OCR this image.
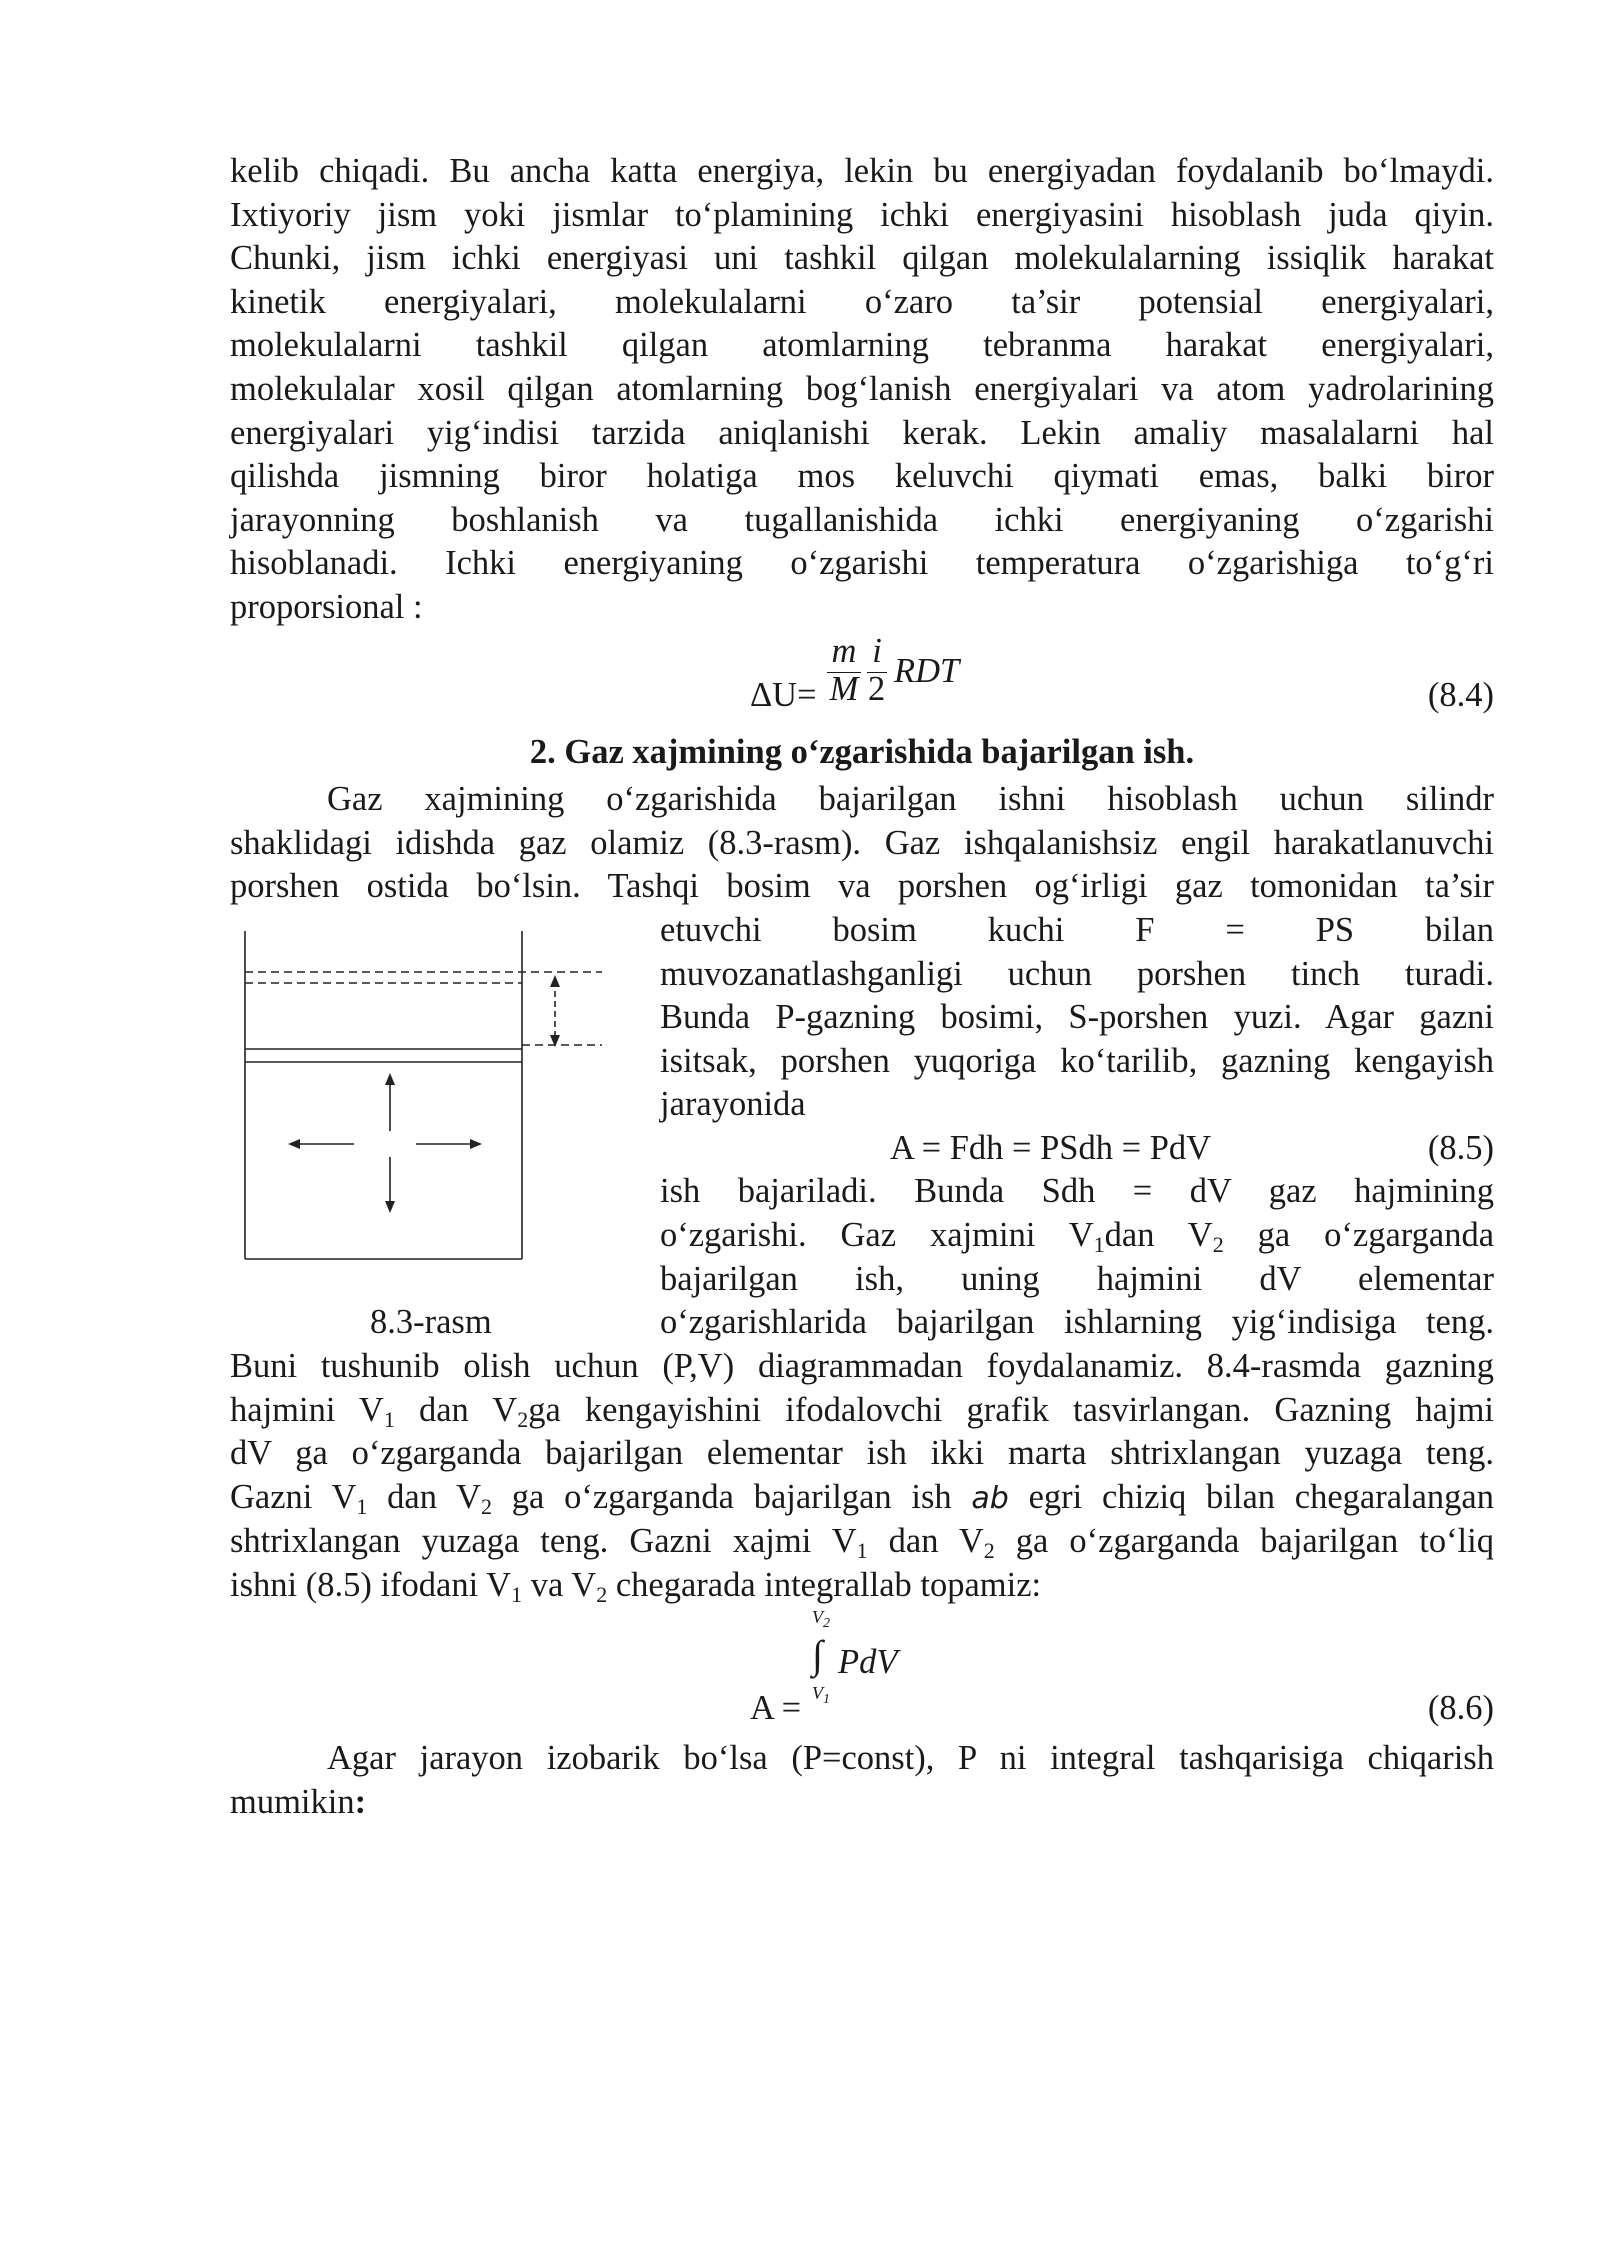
kelib chiqadi. Bu ancha katta energiya, lekin bu energiyadan foydalanib bo‘lmaydi.

Ixtiyoriy jism yoki jismlar to‘plamining ichki energiyasini hisoblash juda qiyin.

Chunki, jism ichki energiyasi uni tashkil qilgan molekulalarning issiqlik harakat

kinetik energiyalari, molekulalarni o‘zaro ta’sir potensial energiyalari,

molekulalarni tashkil qilgan atomlarning tebranma harakat energiyalari,

molekulalar xosil qilgan atomlarning bog‘lanish energiyalari va atom yadrolarining

energiyalari yig‘indisi tarzida aniqlanishi kerak. Lekin amaliy masalalarni hal

qilishda jismning biror holatiga mos keluvchi qiymati emas, balki biror

jarayonning boshlanish va tugallanishida ichki energiyaning o‘zgarishi

hisoblanadi. Ichki energiyaning o‘zgarishi temperatura o‘zgarishiga to‘g‘ri

proporsional :

ΔU=
m
M
i
2 RDT
(8.4)

2. Gaz xajmining o‘zgarishida bajarilgan ish.

Gaz xajmining o‘zgarishida bajarilgan ishni hisoblash uchun silindr

shaklidagi idishda gaz olamiz (8.3-rasm). Gaz ishqalanishsiz engil harakatlanuvchi

porshen ostida bo‘lsin. Tashqi bosim va porshen og‘irligi gaz tomonidan ta’sir

8.3-rasm

etuvchi bosim kuchi F = PS bilan

muvozanatlashganligi uchun porshen tinch turadi.

Bunda P-gazning bosimi, S-porshen yuzi. Agar gazni

isitsak, porshen yuqoriga ko‘tarilib, gazning kengayish

jarayonida

A = Fdh = PSdh = PdV	(8.5)

ish bajariladi. Bunda Sdh = dV gaz hajmining

o‘zgarishi. Gaz xajmini $V_1dan$ $V_2$ ga o‘zgarganda

bajarilgan ish, uning hajmini dV elementar

o‘zgarishlarida bajarilgan ishlarning yig‘indisiga teng.

Buni tushunib olish uchun (P,V) diagrammadan foydalanamiz. 8.4-rasmda gazning

hajmini $V_1$ dan $V_2ga$ kengayishini ifodalovchi grafik tasvirlangan. Gazning hajmi

dV ga o‘zgarganda bajarilgan elementar ish ikki marta shtrixlangan yuzaga teng.

Gazni $V_1$ dan $V_2$ ga o‘zgarganda bajarilgan ish ab egri chiziq bilan chegaralangan

shtrixlangan yuzaga teng. Gazni xajmi $V_1$ dan $V_2$ ga o‘zgarganda bajarilgan to‘liq

ishni (8.5) ifodani $V_1$ va $V_2$ chegarada integrallab topamiz:

$V_2$
∫ PdV
$A = V_1$	(8.6)

Agar jarayon izobarik bo‘lsa (P=const), P ni integral tashqarisiga chiqarish

mumikin:
